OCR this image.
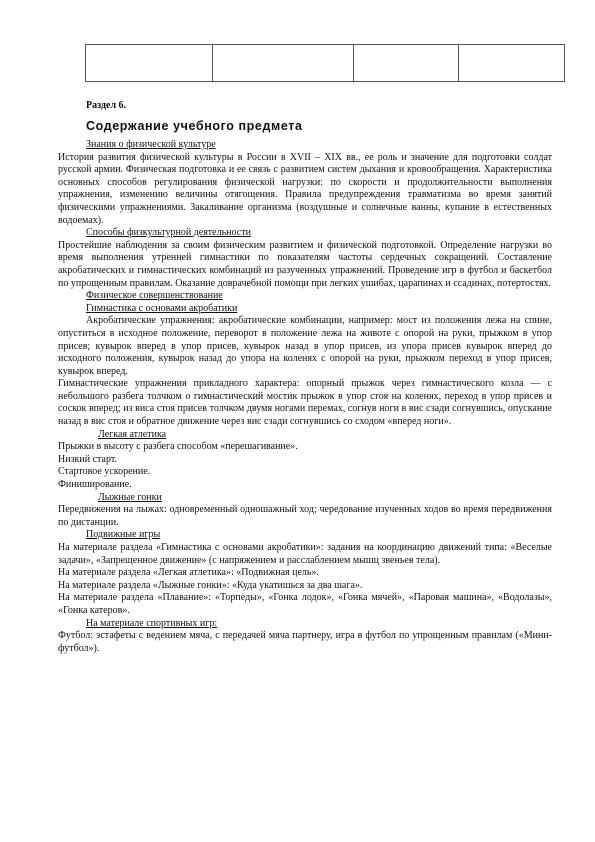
Раздел 6.
Содержание учебного предмета
Знания о физической культуре

История развития физической культуры в России в XVII – XIX вв., ее роль и значение для подготовки солдат русской армии. Физическая подготовка и ее связь с развитием систем дыхания и кровообращения. Характеристика основных способов регулирования физической нагрузки: по скорости и продолжительности выполнения упражнения, изменению величины отягощения. Правила предупреждения травматизма во время занятий физическими упражнениями. Закаливание организма (воздушные и солнечные ванны, купание в естественных водоемах).

Способы физкультурной деятельности

Простейшие наблюдения за своим физическим развитием и физической подготовкой. Определение нагрузки во время выполнения утренней гимнастики по показателям частоты сердечных сокращений. Составление акробатических и гимнастических комбинаций из разученных упражнений. Проведение игр в футбол и баскетбол по упрощенным правилам. Оказание доврачебной помощи при легких ушибах, царапинах и ссадинах, потертостях.

Физическое совершенствование
Гимнастика с основами акробатики

Акробатические упражнения: акробатические комбинации, например: мост из положения лежа на спине, опуститься в исходное положение, переворот в положение лежа на животе с опорой на руки, прыжком в упор присев; кувырок вперед в упор присев, кувырок назад в упор присев, из упора присев кувырок вперед до исходного положения, кувырок назад до упора на коленях с опорой на руки, прыжком переход в упор присев, кувырок вперед.

Гимнастические упражнения прикладного характера: опорный прыжок через гимнастического козла — с небольшого разбега толчком о гимнастический мостик прыжок в упор стоя на коленях, переход в упор присев и соскок вперед; из виса стоя присев толчком двумя ногами перемах, согнув ноги в вис сзади согнувшись, опускание назад в вис стоя и обратное движение через вис сзади согнувшись со сходом «вперед ноги».

Легкая атлетика

Прыжки в высоту с разбега способом «перешагивание».

Низкий старт.

Стартовое ускорение.

Финиширование.

Лыжные гонки

Передвижения на лыжах: одновременный одношажный ход; чередование изученных ходов во время передвижения по дистанции.

Подвижные игры

На материале раздела «Гимнастика с основами акробатики»: задания на координацию движений типа: «Веселые задачи», «Запрещенное движение» (с напряжением и расслаблением мышц звеньев тела).

На материале раздела «Легкая атлетика»: «Подвижная цель».

На материале раздела «Лыжные гонки»: «Куда укатишься за два шага».

На материале раздела «Плавание»: «Торпеды», «Гонка лодок», «Гонка мячей», «Паровая машина», «Водолазы», «Гонка катеров».

На материале спортивных игр:

Футбол: эстафеты с ведением мяча, с передачей мяча партнеру, игра в футбол по упрощенным правилам («Мини-футбол»).
